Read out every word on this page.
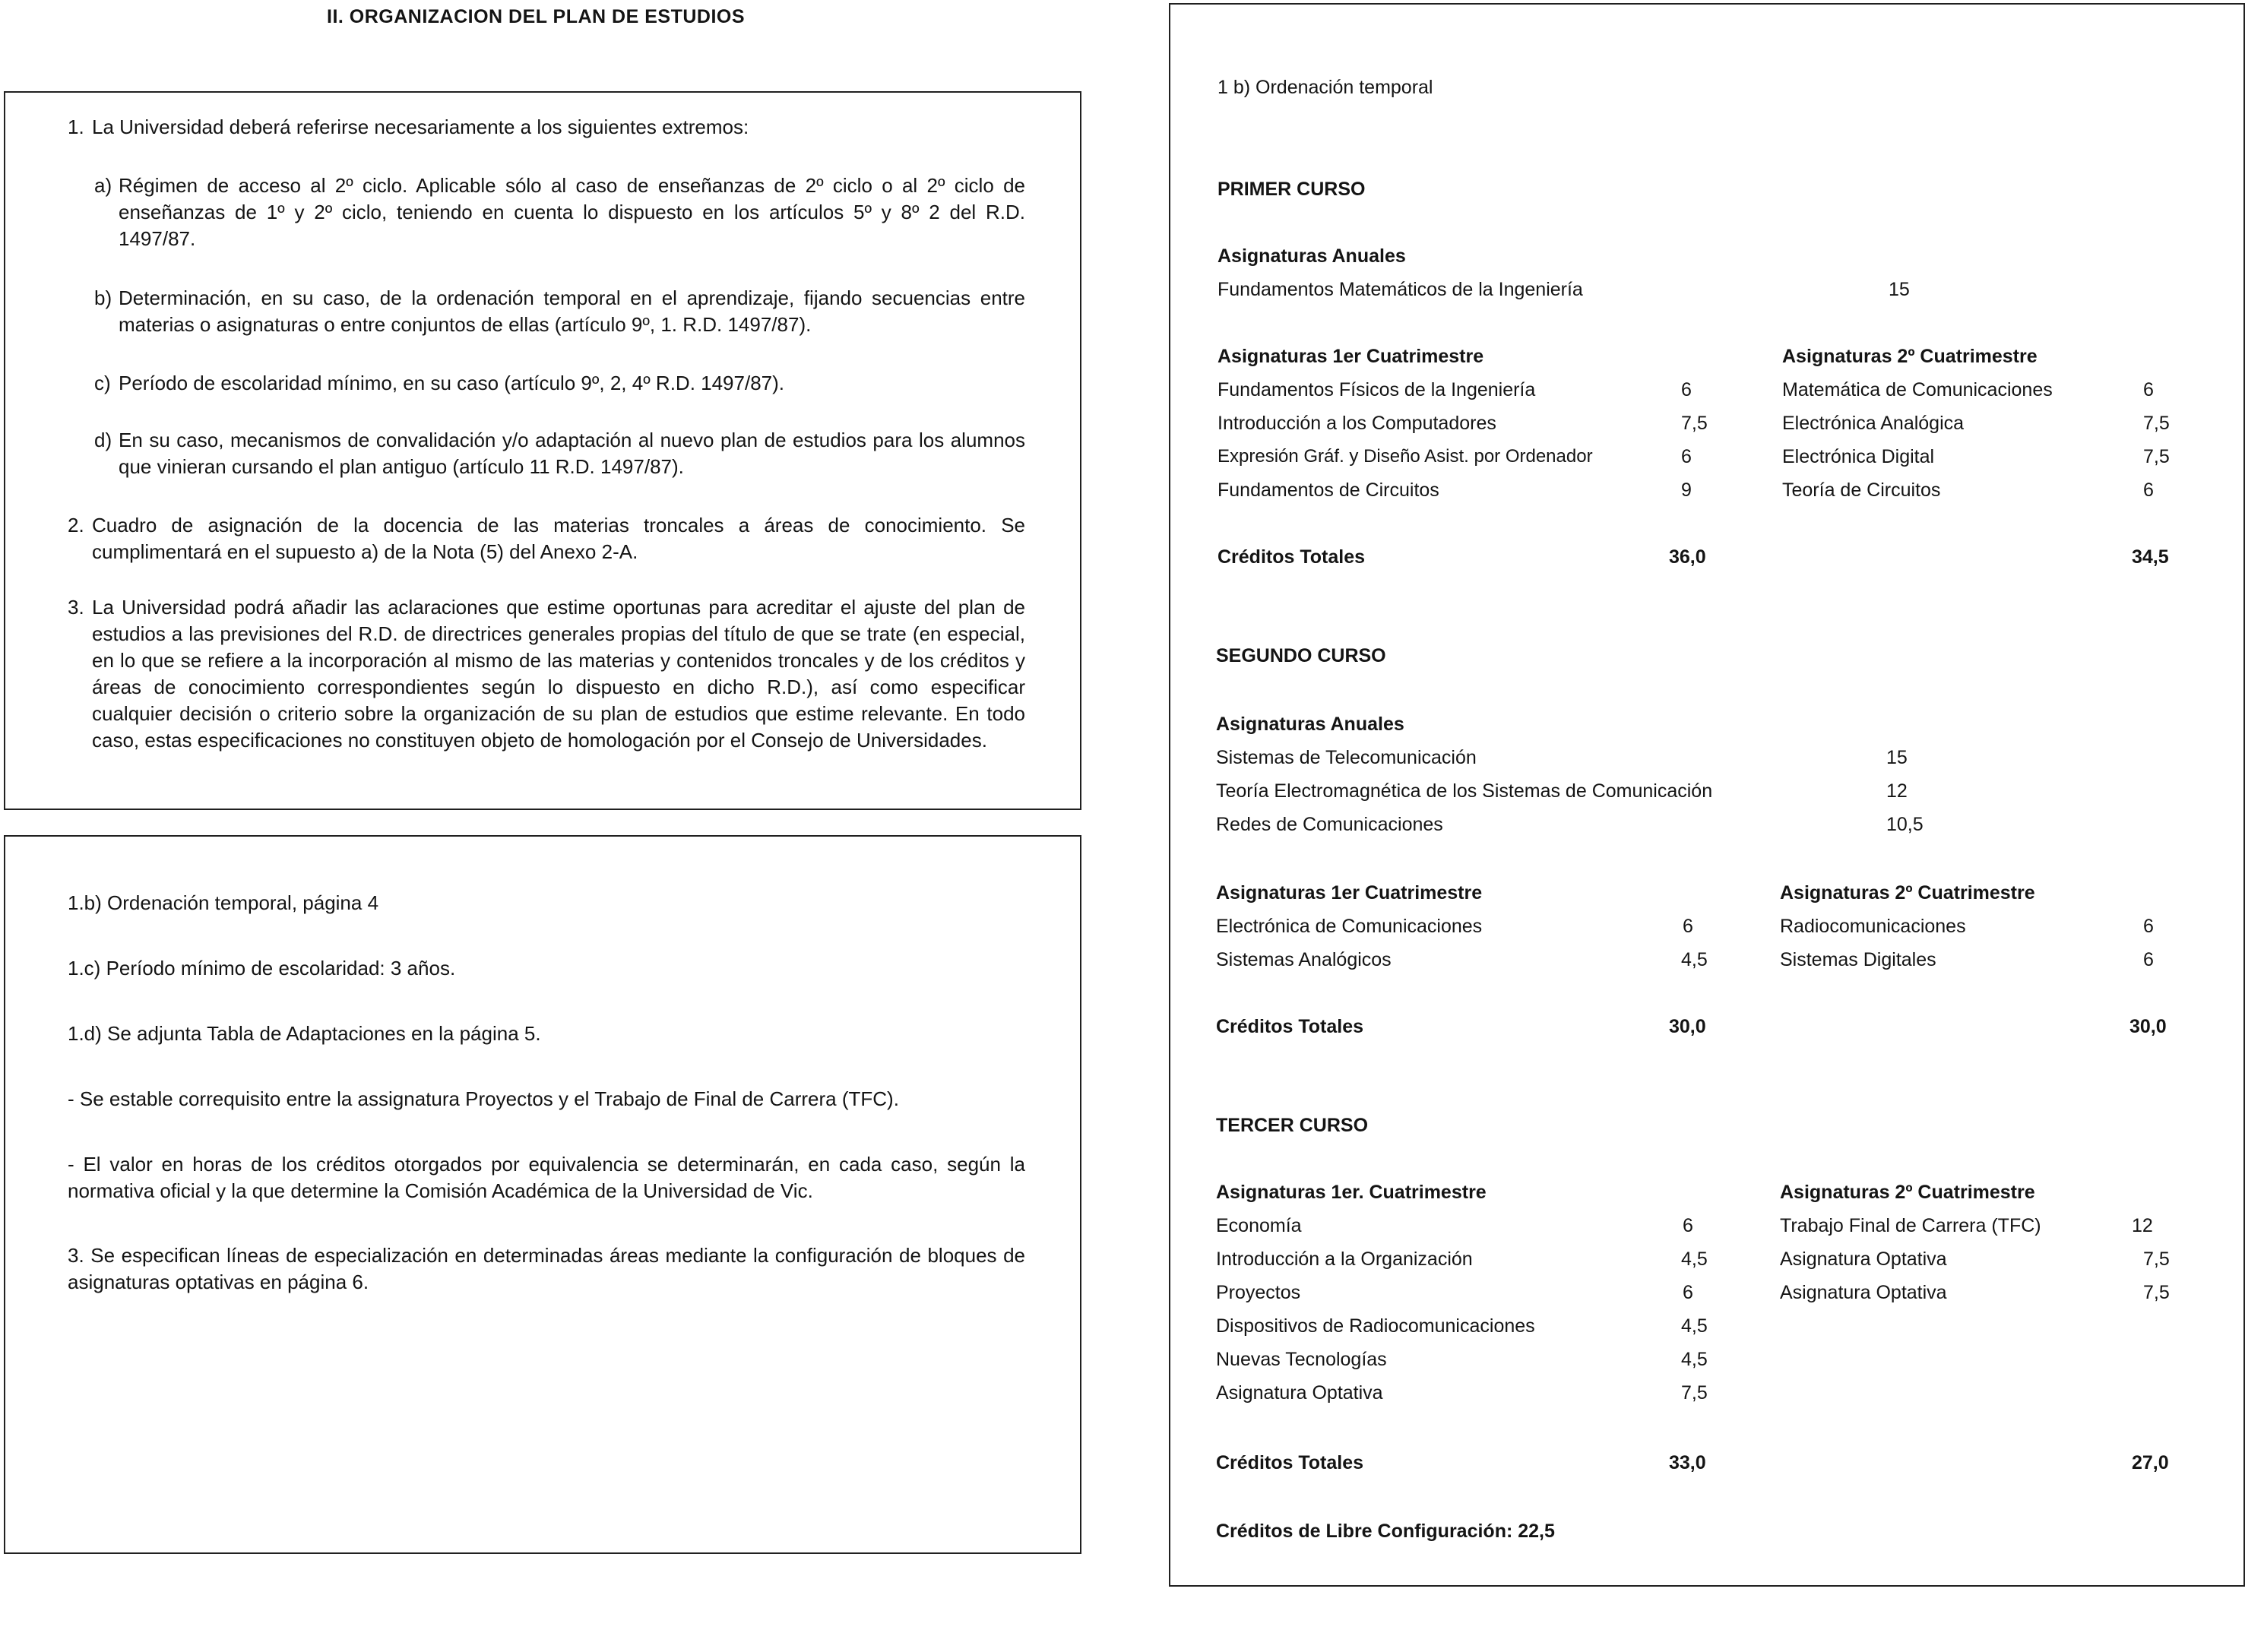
II. ORGANIZACION DEL PLAN DE ESTUDIOS
1. La Universidad deberá referirse necesariamente a los siguientes extremos:
a) Régimen de acceso al 2º ciclo. Aplicable sólo al caso de enseñanzas de 2º ciclo o al 2º ciclo de enseñanzas de 1º y 2º ciclo, teniendo en cuenta lo dispuesto en los artículos 5º y 8º 2 del R.D. 1497/87.
b) Determinación, en su caso, de la ordenación temporal en el aprendizaje, fijando secuencias entre materias o asignaturas o entre conjuntos de ellas (artículo 9º, 1. R.D. 1497/87).
c) Período de escolaridad mínimo, en su caso (artículo 9º, 2, 4º R.D. 1497/87).
d) En su caso, mecanismos de convalidación y/o adaptación al nuevo plan de estudios para los alumnos que vinieran cursando el plan antiguo (artículo 11 R.D. 1497/87).
2. Cuadro de asignación de la docencia de las materias troncales a áreas de conocimiento. Se cumplimentará en el supuesto a) de la Nota (5) del Anexo 2-A.
3. La Universidad podrá añadir las aclaraciones que estime oportunas para acreditar el ajuste del plan de estudios a las previsiones del R.D. de directrices generales propias del título de que se trate (en especial, en lo que se refiere a la incorporación al mismo de las materias y contenidos troncales y de los créditos y áreas de conocimiento correspondientes según lo dispuesto en dicho R.D.), así como especificar cualquier decisión o criterio sobre la organización de su plan de estudios que estime relevante. En todo caso, estas especificaciones no constituyen objeto de homologación por el Consejo de Universidades.
1.b) Ordenación temporal, página 4
1.c) Período mínimo de escolaridad: 3 años.
1.d) Se adjunta Tabla de Adaptaciones en la página 5.
- Se estable correquisito entre la assignatura Proyectos y el Trabajo de Final de Carrera (TFC).
- El valor en horas de los créditos otorgados por equivalencia se determinarán, en cada caso, según la normativa oficial y la que determine la Comisión Académica de la Universidad de Vic.
3. Se especifican líneas de especialización en determinadas áreas mediante la configuración de bloques de asignaturas optativas en página 6.
1 b) Ordenación temporal
PRIMER CURSO
Asignaturas Anuales
Fundamentos Matemáticos de la Ingeniería	15
Asignaturas 1er Cuatrimestre
Fundamentos Físicos de la Ingeniería	6
Introducción a los Computadores	7,5
Expresión Gráf. y Diseño Asist. por Ordenador	6
Fundamentos de Circuitos	9
Asignaturas 2º Cuatrimestre
Matemática de Comunicaciones	6
Electrónica Analógica	7,5
Electrónica Digital	7,5
Teoría de Circuitos	6
Créditos Totales	36,0	34,5
SEGUNDO CURSO
Asignaturas Anuales
Sistemas de Telecomunicación	15
Teoría Electromagnética de los Sistemas de Comunicación	12
Redes de Comunicaciones	10,5
Asignaturas 1er Cuatrimestre
Electrónica de Comunicaciones	6
Sistemas Analógicos	4,5
Asignaturas 2º Cuatrimestre
Radiocomunicaciones	6
Sistemas Digitales	6
Créditos Totales	30,0	30,0
TERCER CURSO
Asignaturas 1er. Cuatrimestre
Economía	6
Introducción a la Organización	4,5
Proyectos	6
Dispositivos de Radiocomunicaciones	4,5
Nuevas Tecnologías	4,5
Asignatura Optativa	7,5
Asignaturas 2º Cuatrimestre
Trabajo Final de Carrera (TFC)	12
Asignatura Optativa	7,5
Asignatura Optativa	7,5
Créditos Totales	33,0	27,0
Créditos de Libre Configuración: 22,5
